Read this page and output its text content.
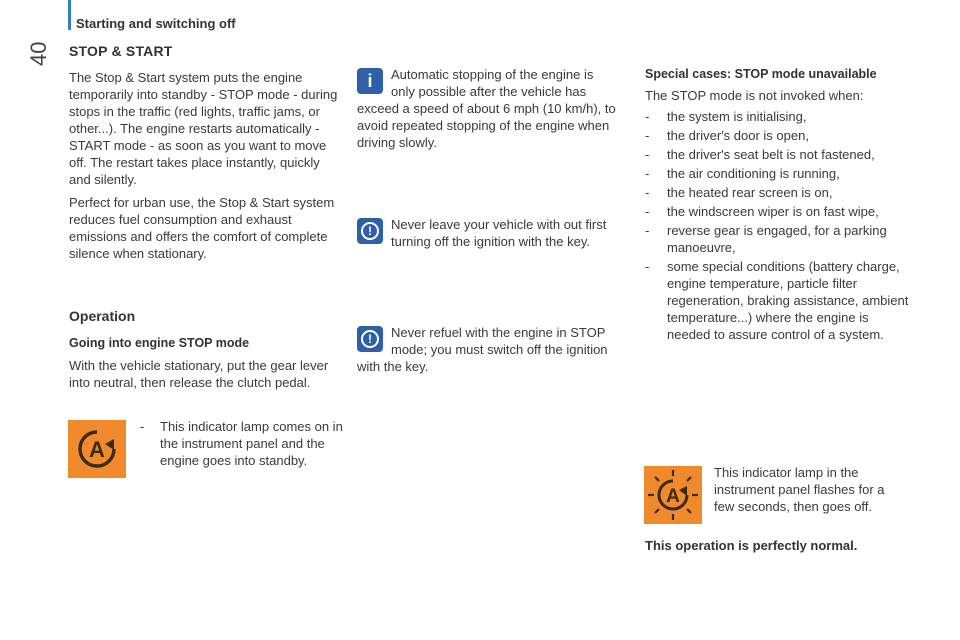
40
Starting and switching off
STOP & START

The Stop & Start system puts the engine temporarily into standby - STOP mode - during stops in the traffic (red lights, traffic jams, or other...). The engine restarts automatically - START mode - as soon as you want to move off. The restart takes place instantly, quickly and silently.

Perfect for urban use, the Stop & Start system reduces fuel consumption and exhaust emissions and offers the comfort of complete silence when stationary.

Operation
Going into engine STOP mode

With the vehicle stationary, put the gear lever into neutral, then release the clutch pedal.

A
-	This indicator lamp comes on in the instrument panel and the engine goes into standby.
i	Automatic stopping of the engine is only possible after the vehicle has exceed a speed of about 6 mph (10 km/h), to avoid repeated stopping of the engine when driving slowly.
!	Never leave your vehicle with out first turning off the ignition with the key.
!	Never refuel with the engine in STOP mode; you must switch off the ignition with the key.
Special cases: STOP mode unavailable

The STOP mode is not invoked when:

- the system is initialising,
- the driver's door is open,
- the driver's seat belt is not fastened,
- the air conditioning is running,
- the heated rear screen is on,
- the windscreen wiper is on fast wipe,
- reverse gear is engaged, for a parking manoeuvre,
- some special conditions (battery charge, engine temperature, particle filter regeneration, braking assistance, ambient temperature...) where the engine is needed to assure control of a system.
A
This indicator lamp in the instrument panel flashes for a few seconds, then goes off.
This operation is perfectly normal.
